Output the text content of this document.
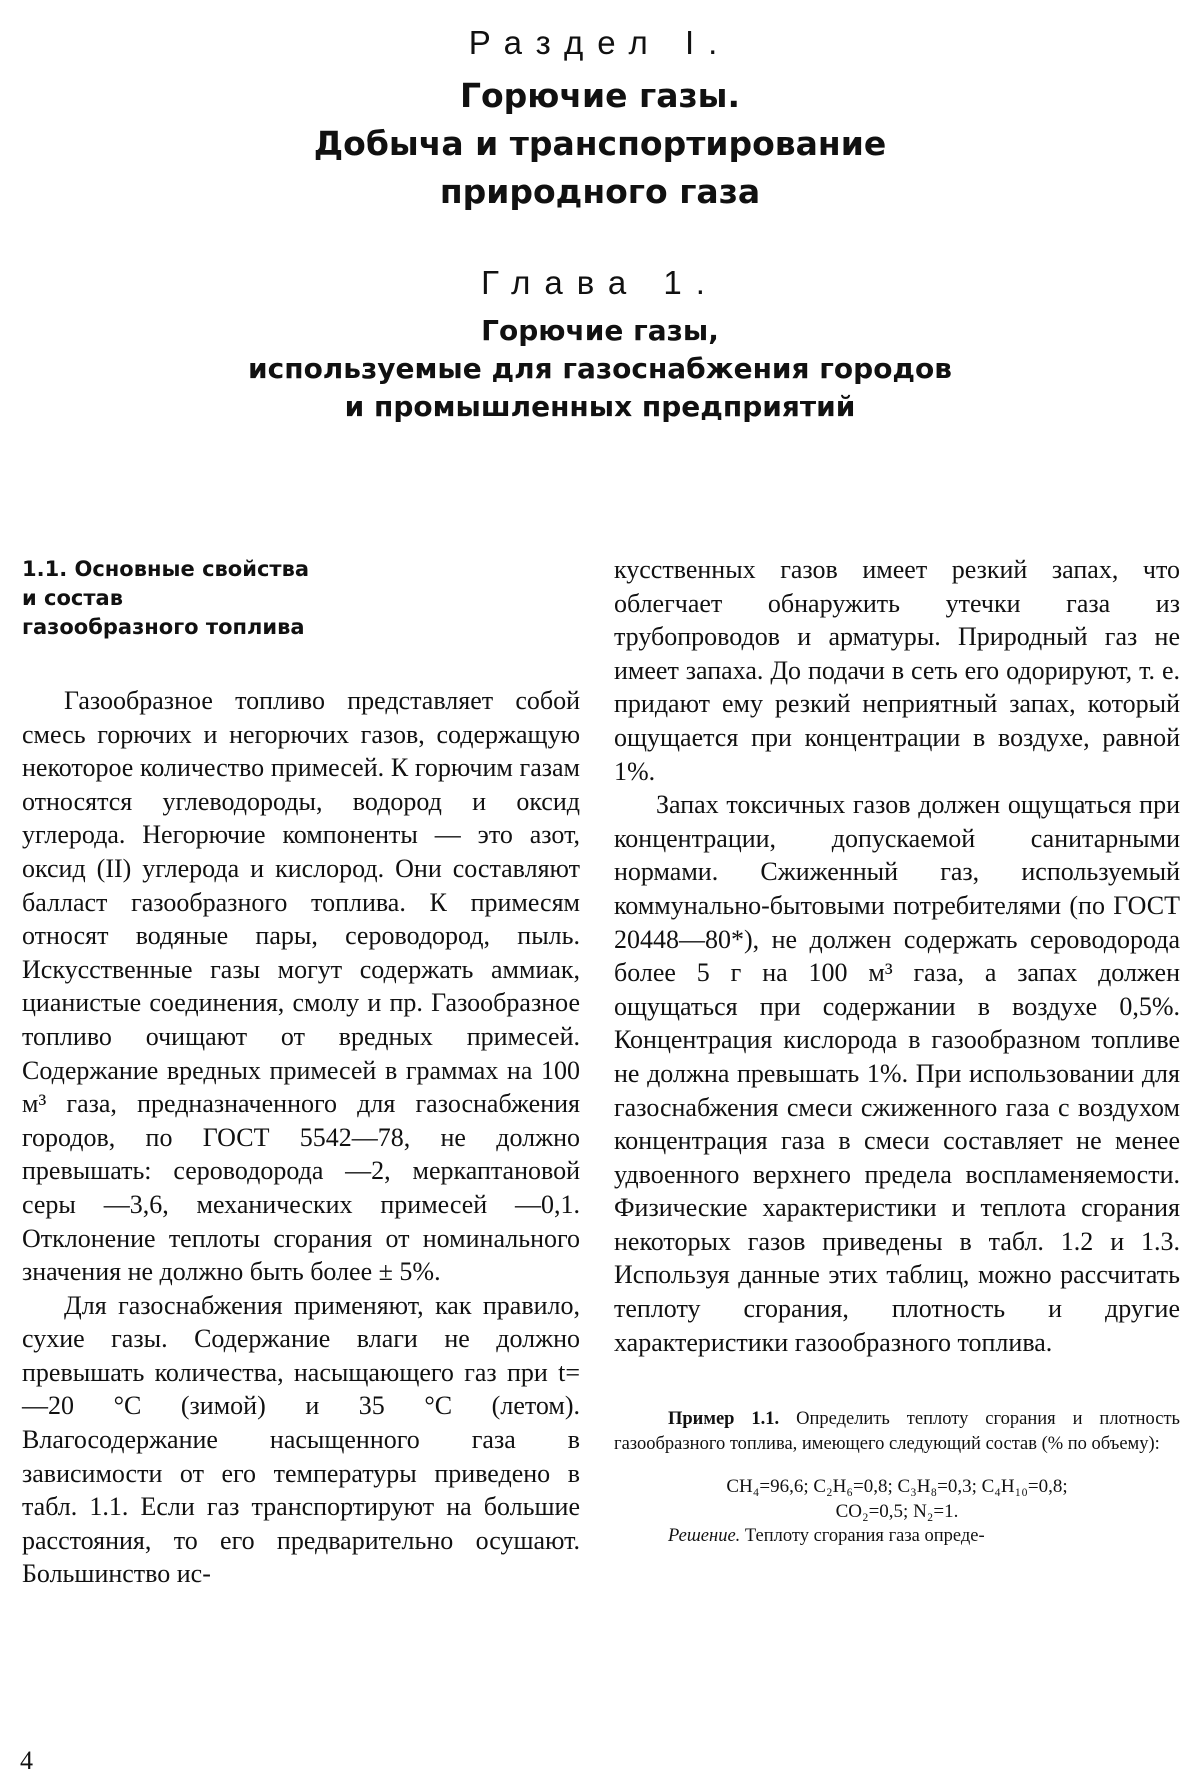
Раздел I.
Горючие газы.
Добыча и транспортирование
природного газа
Глава 1.
Горючие газы,
используемые для газоснабжения городов
и промышленных предприятий
1.1. Основные свойства
и состав
газообразного топлива

Газообразное топливо представляет собой смесь горючих и негорючих газов, содержащую некоторое количество примесей. К горючим газам относятся углеводороды, водород и оксид углерода. Негорючие компоненты — это азот, оксид (II) углерода и кислород. Они составляют балласт газообразного топлива. К примесям относят водяные пары, сероводород, пыль. Искусственные газы могут содержать аммиак, цианистые соединения, смолу и пр. Газообразное топливо очищают от вредных примесей. Содержание вредных примесей в граммах на 100 м³ газа, предназначенного для газоснабжения городов, по ГОСТ 5542—78, не должно превышать: сероводорода —2, меркаптановой серы —3,6, механических примесей —0,1. Отклонение теплоты сгорания от номинального значения не должно быть более ± 5%.

Для газоснабжения применяют, как правило, сухие газы. Содержание влаги не должно превышать количества, насыщающего газ при t=—20 °С (зимой) и 35 °С (летом). Влагосодержание насыщенного газа в зависимости от его температуры приведено в табл. 1.1. Если газ транспортируют на большие расстояния, то его предварительно осушают. Большинство ис-

кусственных газов имеет резкий запах, что облегчает обнаружить утечки газа из трубопроводов и арматуры. Природный газ не имеет запаха. До подачи в сеть его одорируют, т. е. придают ему резкий неприятный запах, который ощущается при концентрации в воздухе, равной 1%.

Запах токсичных газов должен ощущаться при концентрации, допускаемой санитарными нормами. Сжиженный газ, используемый коммунально-бытовыми потребителями (по ГОСТ 20448—80*), не должен содержать сероводорода более 5 г на 100 м³ газа, а запах должен ощущаться при содержании в воздухе 0,5%. Концентрация кислорода в газообразном топливе не должна превышать 1%. При использовании для газоснабжения смеси сжиженного газа с воздухом концентрация газа в смеси составляет не менее удвоенного верхнего предела воспламеняемости. Физические характеристики и теплота сгорания некоторых газов приведены в табл. 1.2 и 1.3. Используя данные этих таблиц, можно рассчитать теплоту сгорания, плотность и другие характеристики газообразного топлива.

Пример 1.1. Определить теплоту сгорания и плотность газообразного топлива, имеющего следующий состав (% по объему):

CH₄=96,6; C₂H₆=0,8; C₃H₈=0,3; C₄H₁₀=0,8;

CO₂=0,5; N₂=1.

Решение. Теплоту сгорания газа опреде-

4
